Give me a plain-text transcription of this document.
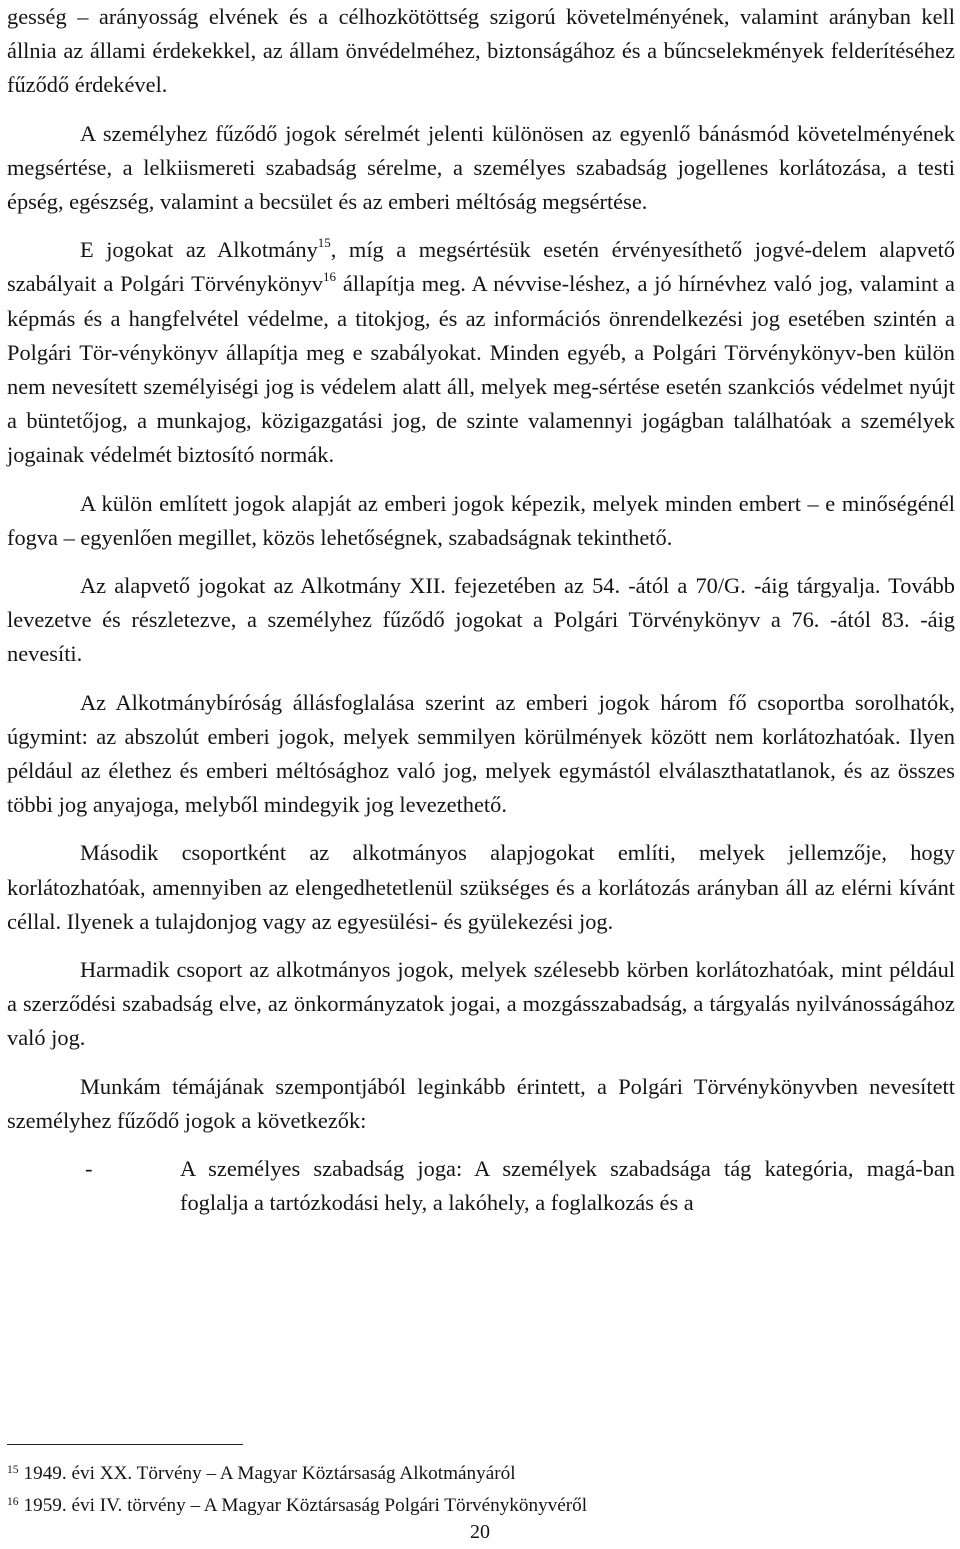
gesség – arányosság elvének és a célhozkötöttség szigorú követelményének, valamint arányban kell állnia az állami érdekekkel, az állam önvédelméhez, biztonságához és a bűncselekmények felderítéséhez fűződő érdekével.

A személyhez fűződő jogok sérelmét jelenti különösen az egyenlő bánásmód követelményének megsértése, a lelkiismereti szabadság sérelme, a személyes szabadság jogellenes korlátozása, a testi épség, egészség, valamint a becsület és az emberi méltóság megsértése.

E jogokat az Alkotmány$^{15}$, míg a megsértésük esetén érvényesíthető jogvé-delem alapvető szabályait a Polgári Törvénykönyv$^{16}$ állapítja meg. A névvise-léshez, a jó hírnévhez való jog, valamint a képmás és a hangfelvétel védelme, a titokjog, és az információs önrendelkezési jog esetében szintén a Polgári Tör-vénykönyv állapítja meg e szabályokat. Minden egyéb, a Polgári Törvénykönyv-ben külön nem nevesített személyiségi jog is védelem alatt áll, melyek meg-sértése esetén szankciós védelmet nyújt a büntetőjog, a munkajog, közigazgatási jog, de szinte valamennyi jogágban találhatóak a személyek jogainak védelmét biztosító normák.

A külön említett jogok alapját az emberi jogok képezik, melyek minden embert – e minőségénél fogva – egyenlően megillet, közös lehetőségnek, szabadságnak tekinthető.

Az alapvető jogokat az Alkotmány XII. fejezetében az 54. -ától a 70/G. -áig tárgyalja. Tovább levezetve és részletezve, a személyhez fűződő jogokat a Polgári Törvénykönyv a 76. -ától 83. -áig nevesíti.

Az Alkotmánybíróság állásfoglalása szerint az emberi jogok három fő csoportba sorolhatók, úgymint: az abszolút emberi jogok, melyek semmilyen körülmények között nem korlátozhatóak. Ilyen például az élethez és emberi méltósághoz való jog, melyek egymástól elválaszthatatlanok, és az összes többi jog anyajoga, melyből mindegyik jog levezethető.

Második csoportként az alkotmányos alapjogokat említi, melyek jellemzője, hogy korlátozhatóak, amennyiben az elengedhetetlenül szükséges és a korlátozás arányban áll az elérni kívánt céllal. Ilyenek a tulajdonjog vagy az egyesülési- és gyülekezési jog.

Harmadik csoport az alkotmányos jogok, melyek szélesebb körben korlátozhatóak, mint például a szerződési szabadság elve, az önkormányzatok jogai, a mozgásszabadság, a tárgyalás nyilvánosságához való jog.

Munkám témájának szempontjából leginkább érintett, a Polgári Törvénykönyvben nevesített személyhez fűződő jogok a következők:

-	A személyes szabadság joga: A személyek szabadsága tág kategória, magá-ban foglalja a tartózkodási hely, a lakóhely, a foglalkozás és a
$^{15}$ 1949. évi XX. Törvény – A Magyar Köztársaság Alkotmányáról
$^{16}$ 1959. évi IV. törvény – A Magyar Köztársaság Polgári Törvénykönyvéről
20
